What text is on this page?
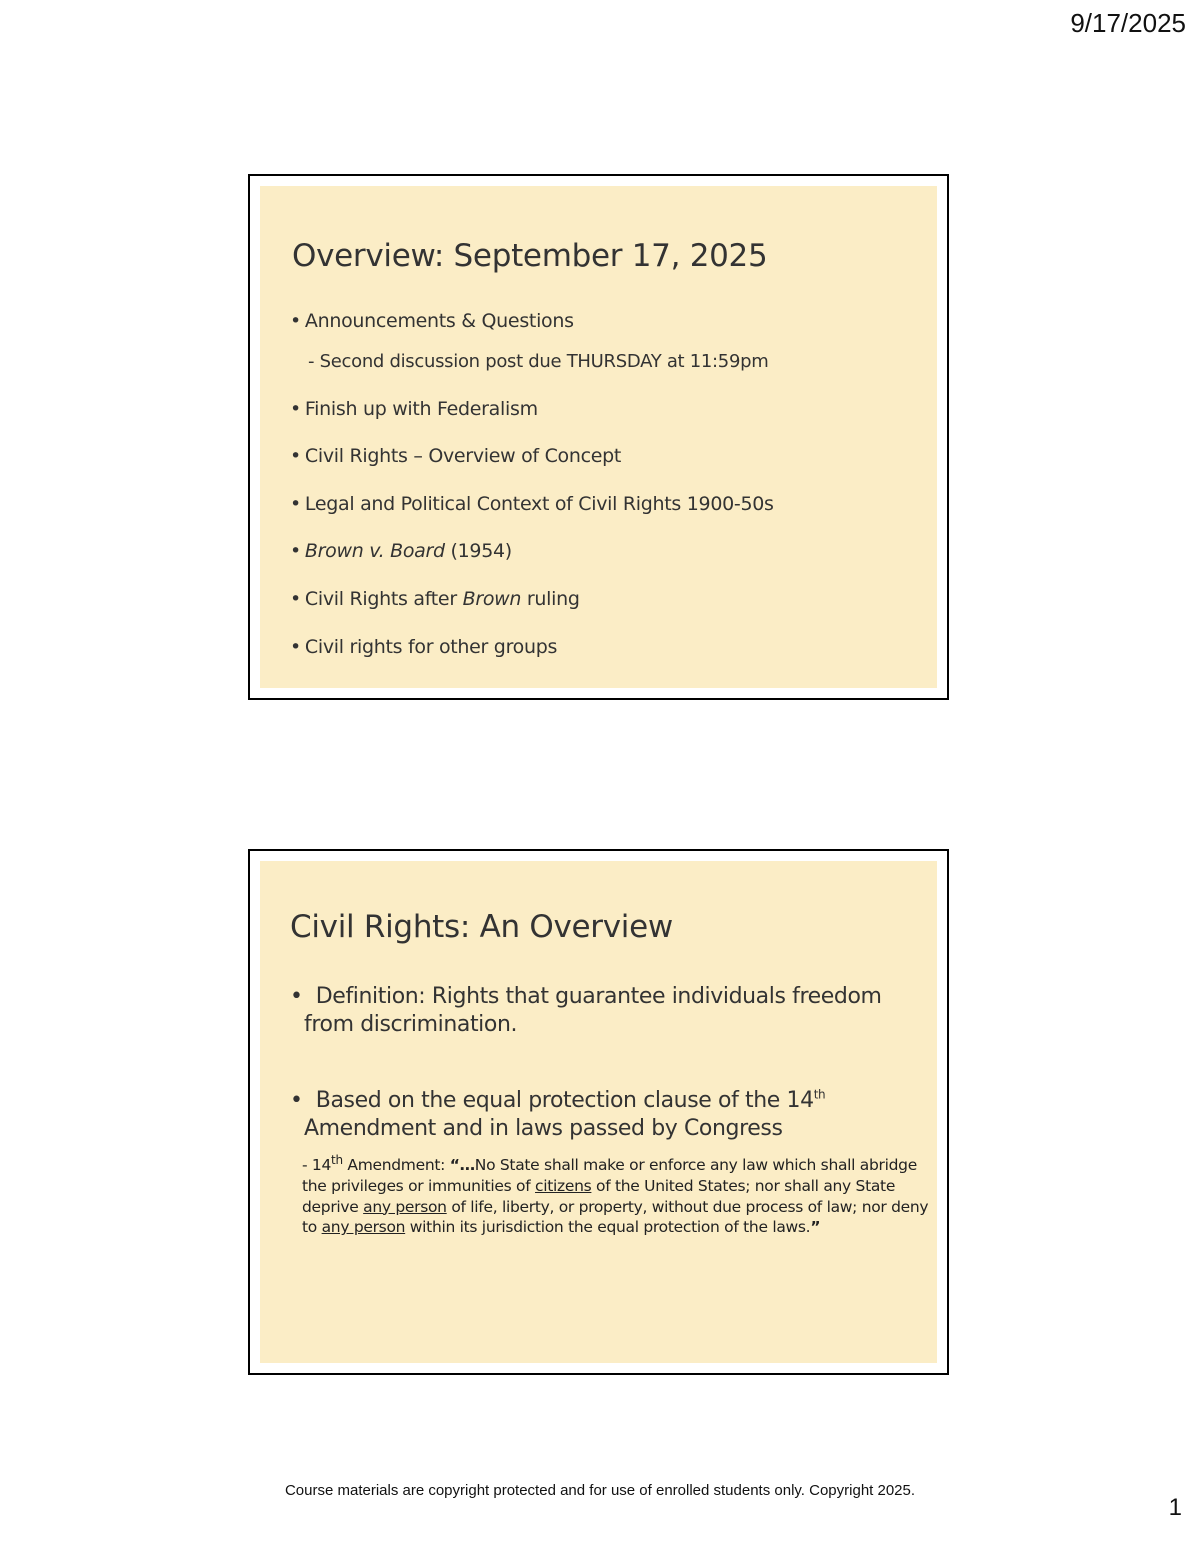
9/17/2025
Overview: September 17, 2025
• Announcements & Questions
- Second discussion post due THURSDAY at 11:59pm
• Finish up with Federalism
• Civil Rights – Overview of Concept
• Legal and Political Context of Civil Rights 1900-50s
• Brown v. Board (1954)
• Civil Rights after Brown ruling
• Civil rights for other groups
Civil Rights: An Overview
• Definition: Rights that guarantee individuals freedom from discrimination.
• Based on the equal protection clause of the 14th Amendment and in laws passed by Congress
- 14th Amendment: “…No State shall make or enforce any law which shall abridge the privileges or immunities of citizens of the United States; nor shall any State deprive any person of life, liberty, or property, without due process of law; nor deny to any person within its jurisdiction the equal protection of the laws.”
Course materials are copyright protected and for use of enrolled students only. Copyright 2025.
1
